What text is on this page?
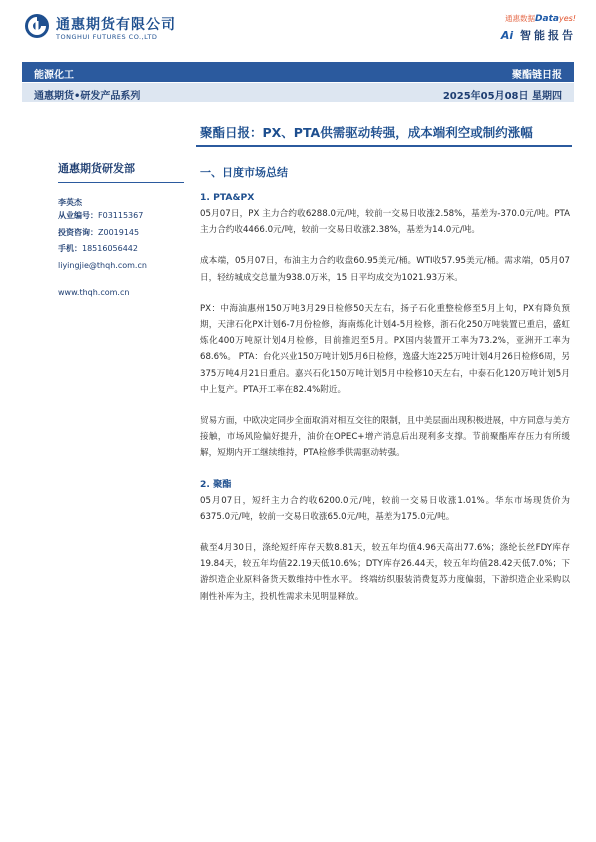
通惠期货有限公司
TONGHUI FUTURES CO.,LTD
通惠数据Datayes!
Ai 智能报告
能源化工	聚酯链日报
通惠期货•研发产品系列	2025年05月08日 星期四
聚酯日报：PX、PTA供需驱动转强，成本端利空或制约涨幅
通惠期货研发部
李英杰
从业编号：F03115367
投资咨询：Z0019145
手机：18516056442
liyingjie@thqh.com.cn
www.thqh.com.cn
一、日度市场总结
1. PTA&PX

05月07日，PX 主力合约收6288.0元/吨，较前一交易日收涨2.58%，基差为-370.0元/吨。PTA 主力合约收4466.0元/吨，较前一交易日收涨2.38%，基差为14.0元/吨。

成本端，05月07日，布油主力合约收盘60.95美元/桶。WTI收57.95美元/桶。需求端，05月07日，轻纺城成交总量为938.0万米，15 日平均成交为1021.93万米。

PX：中海油惠州150万吨3月29日检修50天左右，扬子石化重整检修至5月上旬，PX有降负预期，天津石化PX计划6-7月份检修，海南炼化计划4-5月检修，浙石化250万吨装置已重启，盛虹炼化400万吨原计划4月检修，目前推迟至5月。PX国内装置开工率为73.2%，亚洲开工率为68.6%。 PTA：台化兴业150万吨计划5月6日检修，逸盛大连225万吨计划4月26日检修6周，另375万吨4月21日重启。嘉兴石化150万吨计划5月中检修10天左右，中泰石化120万吨计划5月中上复产。PTA开工率在82.4%附近。

贸易方面，中欧决定同步全面取消对相互交往的限制，且中美层面出现积极进展，中方同意与美方接触，市场风险偏好提升，油价在OPEC+增产消息后出现利多支撑。节前聚酯库存压力有所缓解，短期内开工继续维持，PTA检修季供需驱动转强。

2. 聚酯

05月07日，短纤主力合约收6200.0元/吨，较前一交易日收涨1.01%。华东市场现货价为6375.0元/吨，较前一交易日收涨65.0元/吨，基差为175.0元/吨。

截至4月30日，涤纶短纤库存天数8.81天，较五年均值4.96天高出77.6%；涤纶长丝FDY库存19.84天，较五年均值22.19天低10.6%；DTY库存26.44天，较五年均值28.42天低7.0%；下游织造企业原料备货天数维持中性水平。 终端纺织服装消费复苏力度偏弱，下游织造企业采购以刚性补库为主，投机性需求未见明显释放。
